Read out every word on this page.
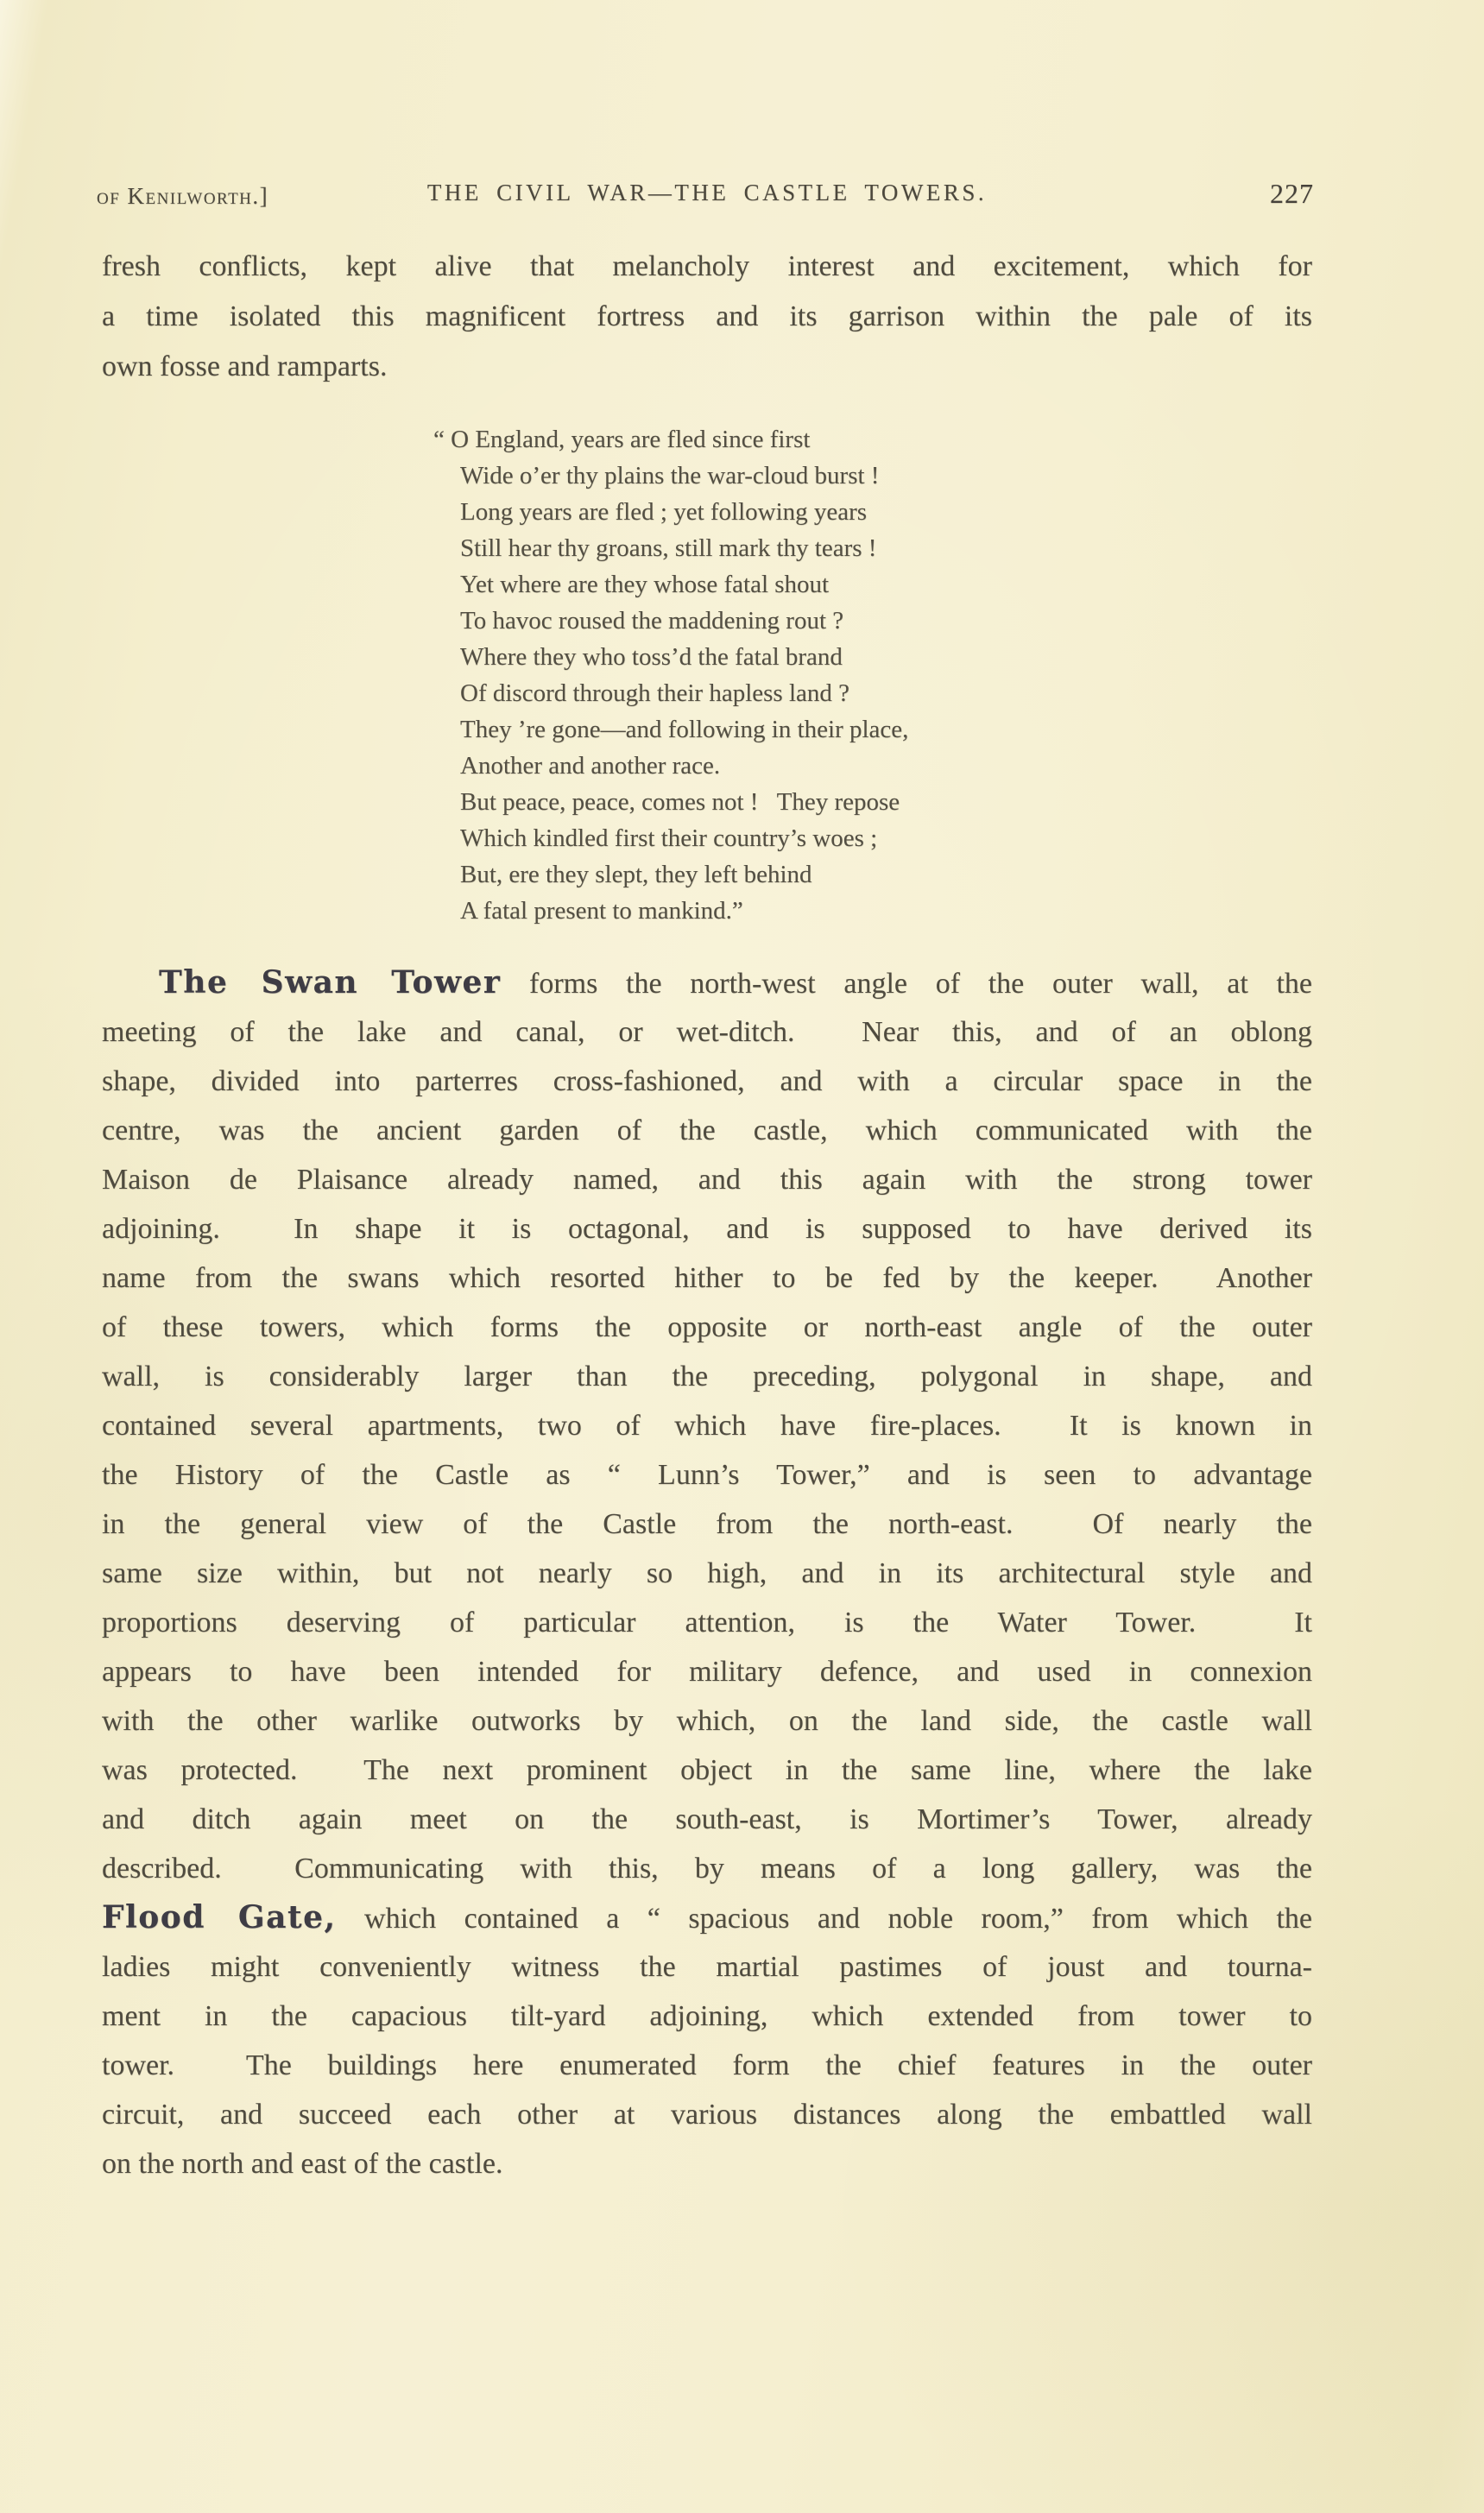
of Kenilworth.]	THE CIVIL WAR—THE CASTLE TOWERS.	227
fresh conflicts, kept alive that melancholy interest and excitement, which for
a time isolated this magnificent fortress and its garrison within the pale of its
own fosse and ramparts.
“ O England, years are fled since first
Wide o’er thy plains the war-cloud burst !
Long years are fled ; yet following years
Still hear thy groans, still mark thy tears !
Yet where are they whose fatal shout
To havoc roused the maddening rout ?
Where they who toss’d the fatal brand
Of discord through their hapless land ?
They ’re gone—and following in their place,
Another and another race.
But peace, peace, comes not !   They repose
Which kindled first their country’s woes ;
But, ere they slept, they left behind
A fatal present to mankind.”
The Swan Tower forms the north-west angle of the outer wall, at the
meeting of the lake and canal, or wet-ditch.  Near this, and of an oblong
shape, divided into parterres cross-fashioned, and with a circular space in the
centre, was the ancient garden of the castle, which communicated with the
Maison de Plaisance already named, and this again with the strong tower
adjoining.  In shape it is octagonal, and is supposed to have derived its
name from the swans which resorted hither to be fed by the keeper.  Another
of these towers, which forms the opposite or north-east angle of the outer
wall, is considerably larger than the preceding, polygonal in shape, and
contained several apartments, two of which have fire-places.  It is known in
the History of the Castle as “ Lunn’s Tower,” and is seen to advantage
in the general view of the Castle from the north-east.  Of nearly the
same size within, but not nearly so high, and in its architectural style and
proportions deserving of particular attention, is the Water Tower.  It
appears to have been intended for military defence, and used in connexion
with the other warlike outworks by which, on the land side, the castle wall
was protected.  The next prominent object in the same line, where the lake
and ditch again meet on the south-east, is Mortimer’s Tower, already
described.  Communicating with this, by means of a long gallery, was the
Flood Gate, which contained a “ spacious and noble room,” from which the
ladies might conveniently witness the martial pastimes of joust and tourna-
ment in the capacious tilt-yard adjoining, which extended from tower to
tower.  The buildings here enumerated form the chief features in the outer
circuit, and succeed each other at various distances along the embattled wall
on the north and east of the castle.
